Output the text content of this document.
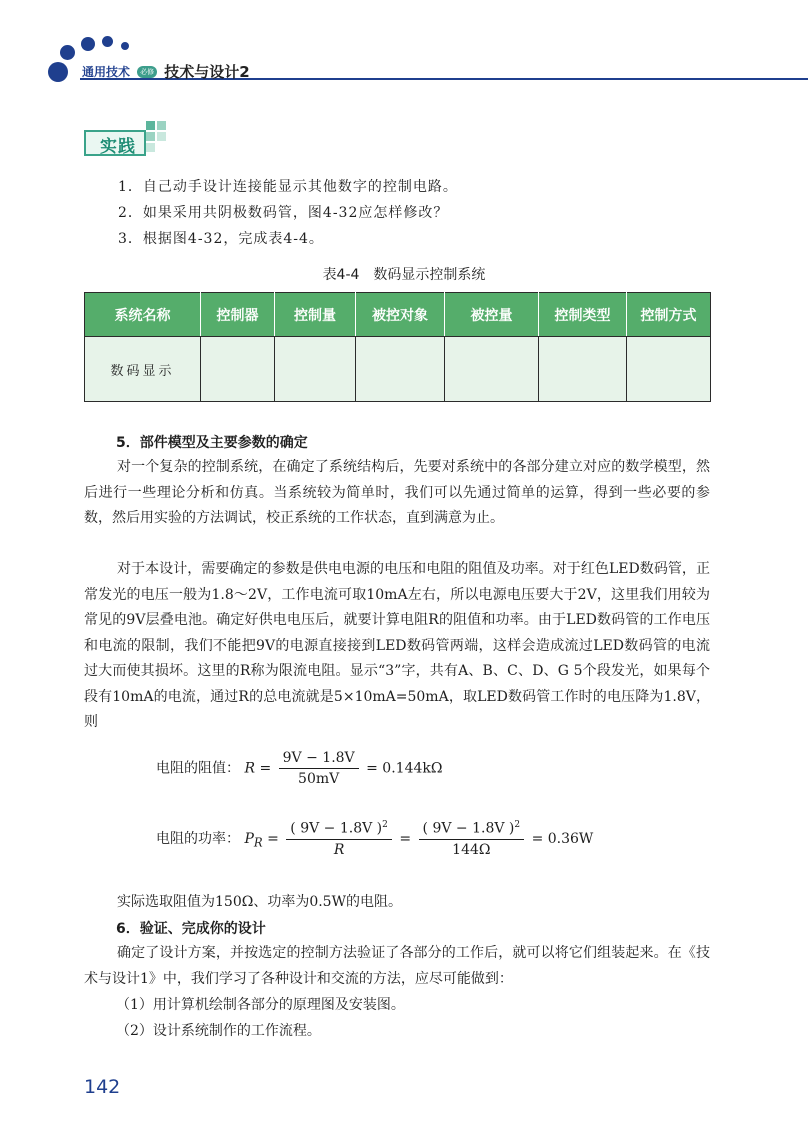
通用技术 必修 技术与设计2
实践
1．自己动手设计连接能显示其他数字的控制电路。
2．如果采用共阴极数码管，图4-32应怎样修改？
3．根据图4-32，完成表4-4。
表4-4　数码显示控制系统
系统名称	控制器	控制量	被控对象	被控量	控制类型	控制方式
数码显示						
5．部件模型及主要参数的确定

对一个复杂的控制系统，在确定了系统结构后，先要对系统中的各部分建立对应的数学模型，然后进行一些理论分析和仿真。当系统较为简单时，我们可以先通过简单的运算，得到一些必要的参数，然后用实验的方法调试，校正系统的工作状态，直到满意为止。

对于本设计，需要确定的参数是供电电源的电压和电阻的阻值及功率。对于红色LED数码管，正常发光的电压一般为1.8～2V，工作电流可取10mA左右，所以电源电压要大于2V，这里我们用较为常见的9V层叠电池。确定好供电电压后，就要计算电阻R的阻值和功率。由于LED数码管的工作电压和电流的限制，我们不能把9V的电源直接接到LED数码管两端，这样会造成流过LED数码管的电流过大而使其损坏。这里的R称为限流电阻。显示“3”字，共有A、B、C、D、G 5个段发光，如果每个段有10mA的电流，通过R的总电流就是5×10mA=50mA，取LED数码管工作时的电压降为1.8V，则

电阻的阻值： $R = \frac{9V - 1.8V}{50mV} = 0.144k\Omega$
电阻的功率： $P_R = \frac{( 9V - 1.8V )^2}{R} = \frac{( 9V - 1.8V )^2}{144\Omega} = 0.36W$

实际选取阻值为150Ω、功率为0.5W的电阻。

6．验证、完成你的设计

确定了设计方案，并按选定的控制方法验证了各部分的工作后，就可以将它们组装起来。在《技术与设计1》中，我们学习了各种设计和交流的方法，应尽可能做到：

（1）用计算机绘制各部分的原理图及安装图。
（2）设计系统制作的工作流程。
142
